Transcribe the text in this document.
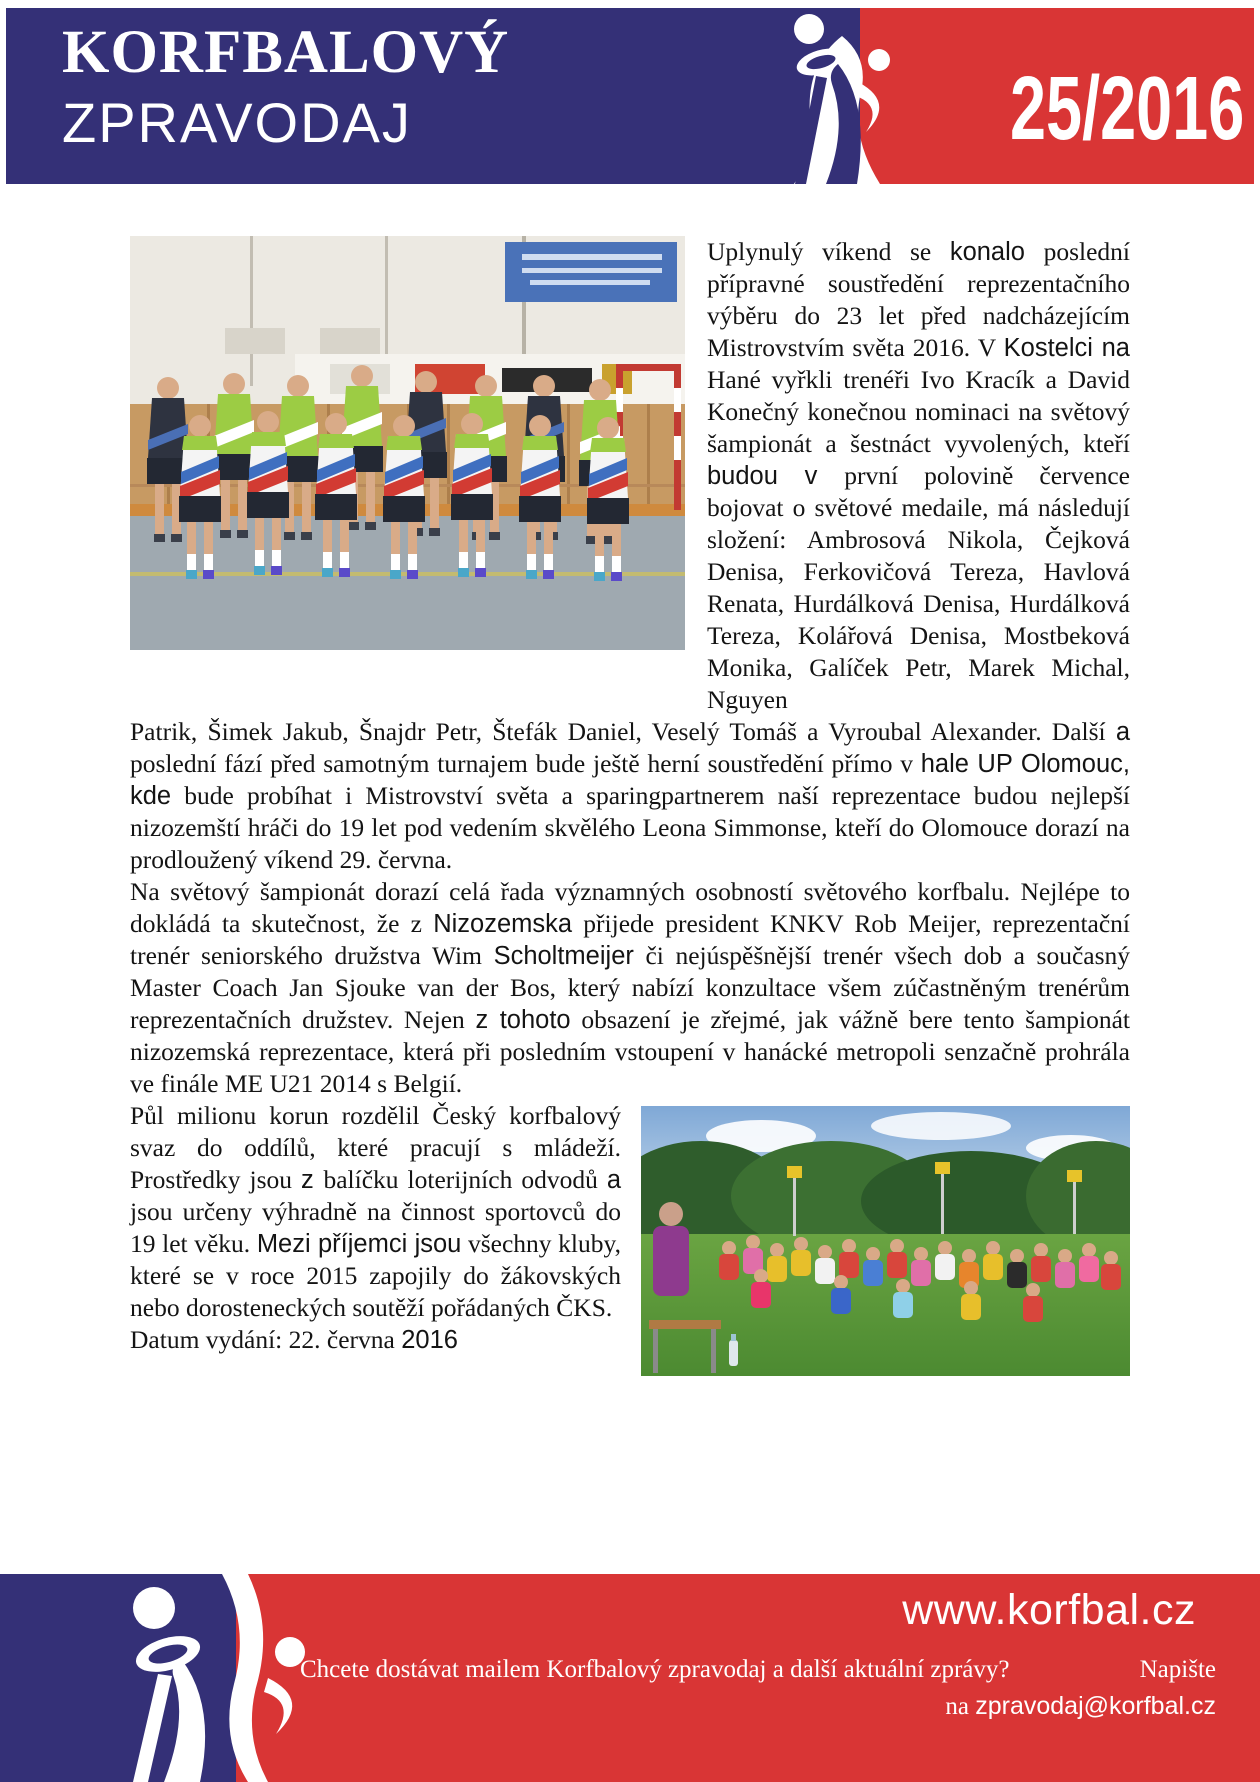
25/2016
KORFBALOVÝ
ZPRAVODAJ

Uplynulý víkend se konalo poslední přípravné soustředění reprezentačního výběru do 23 let před nadcházejícím Mistrovstvím světa 2016. V Kostelci na Hané vyřkli trenéři Ivo Kracík a David Konečný konečnou nominaci na světový šampionát a šestnáct vyvolených, kteří budou v první polovině července bojovat o světové medaile, má následují složení: Ambrosová Nikola, Čejková Denisa, Ferkovičová Tereza, Havlová Renata, Hurdálková Denisa, Hurdálková Tereza, Kolářová Denisa, Mostbeková Monika, Galíček Petr, Marek Michal, Nguyen

Patrik, Šimek Jakub, Šnajdr Petr, Štefák Daniel, Veselý Tomáš a Vyroubal Alexander. Další a poslední fází před samotným turnajem bude ještě herní soustředění přímo v hale UP Olomouc, kde bude probíhat i Mistrovství světa a sparingpartnerem naší reprezentace budou nejlepší nizozemští hráči do 19 let pod vedením skvělého Leona Simmonse, kteří do Olomouce dorazí na prodloužený víkend 29. června.

Na světový šampionát dorazí celá řada významných osobností světového korfbalu. Nejlépe to dokládá ta skutečnost, že z Nizozemska přijede president KNKV Rob Meijer, reprezentační trenér seniorského družstva Wim Scholtmeijer či nejúspěšnější trenér všech dob a současný Master Coach Jan Sjouke van der Bos, který nabízí konzultace všem zúčastněným trenérům reprezentačních družstev. Nejen z tohoto obsazení je zřejmé, jak vážně bere tento šampionát nizozemská reprezentace, která při posledním vstoupení v hanácké metropoli senzačně prohrála ve finále ME U21 2014 s Belgií.

Půl milionu korun rozdělil Český korfbalový svaz do oddílů, které pracují s mládeží. Prostředky jsou z balíčku loterijních odvodů a jsou určeny výhradně na činnost sportovců do 19 let věku. Mezi příjemci jsou všechny kluby, které se v roce 2015 zapojily do žákovských nebo dorosteneckých soutěží pořádaných ČKS.

Datum vydání: 22. června 2016

www.korfbal.cz
Chcete dostávat mailem Korfbalový zpravodaj a další aktuální zprávy?	Napište
na zpravodaj@korfbal.cz
